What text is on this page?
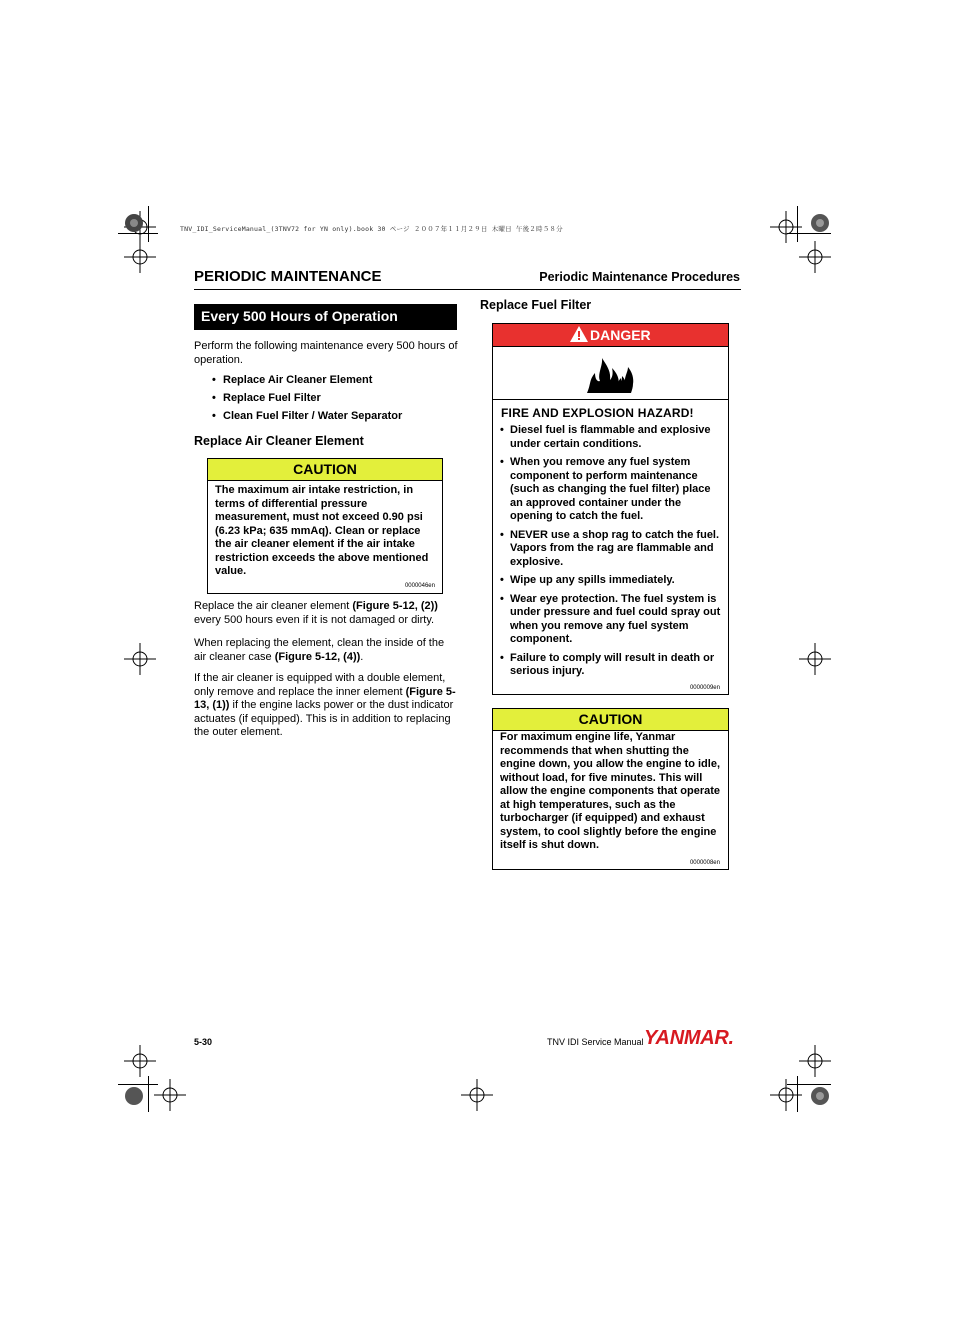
TNV_IDI_ServiceManual_(3TNV72 for YN only).book 30 ページ ２００７年１１月２９日 木曜日 午後２時５８分
PERIODIC MAINTENANCE	Periodic Maintenance Procedures
Every 500 Hours of Operation
Perform the following maintenance every 500 hours of operation.
• Replace Air Cleaner Element
• Replace Fuel Filter
• Clean Fuel Filter / Water Separator
Replace Air Cleaner Element
CAUTION
The maximum air intake restriction, in terms of differential pressure measurement, must not exceed 0.90 psi (6.23 kPa; 635 mmAq). Clean or replace the air cleaner element if the air intake restriction exceeds the above mentioned value.
0000046en
Replace the air cleaner element (Figure 5-12, (2)) every 500 hours even if it is not damaged or dirty.
When replacing the element, clean the inside of the air cleaner case (Figure 5-12, (4)).
If the air cleaner is equipped with a double element, only remove and replace the inner element (Figure 5-13, (1)) if the engine lacks power or the dust indicator actuates (if equipped). This is in addition to replacing the outer element.
Replace Fuel Filter
DANGER
FIRE AND EXPLOSION HAZARD!
• Diesel fuel is flammable and explosive under certain conditions.
• When you remove any fuel system component to perform maintenance (such as changing the fuel filter) place an approved container under the opening to catch the fuel.
• NEVER use a shop rag to catch the fuel. Vapors from the rag are flammable and explosive.
• Wipe up any spills immediately.
• Wear eye protection. The fuel system is under pressure and fuel could spray out when you remove any fuel system component.
• Failure to comply will result in death or serious injury.
0000009en
CAUTION
For maximum engine life, Yanmar recommends that when shutting the engine down, you allow the engine to idle, without load, for five minutes. This will allow the engine components that operate at high temperatures, such as the turbocharger (if equipped) and exhaust system, to cool slightly before the engine itself is shut down.
0000008en
5-30	TNV IDI Service Manual YANMAR.
